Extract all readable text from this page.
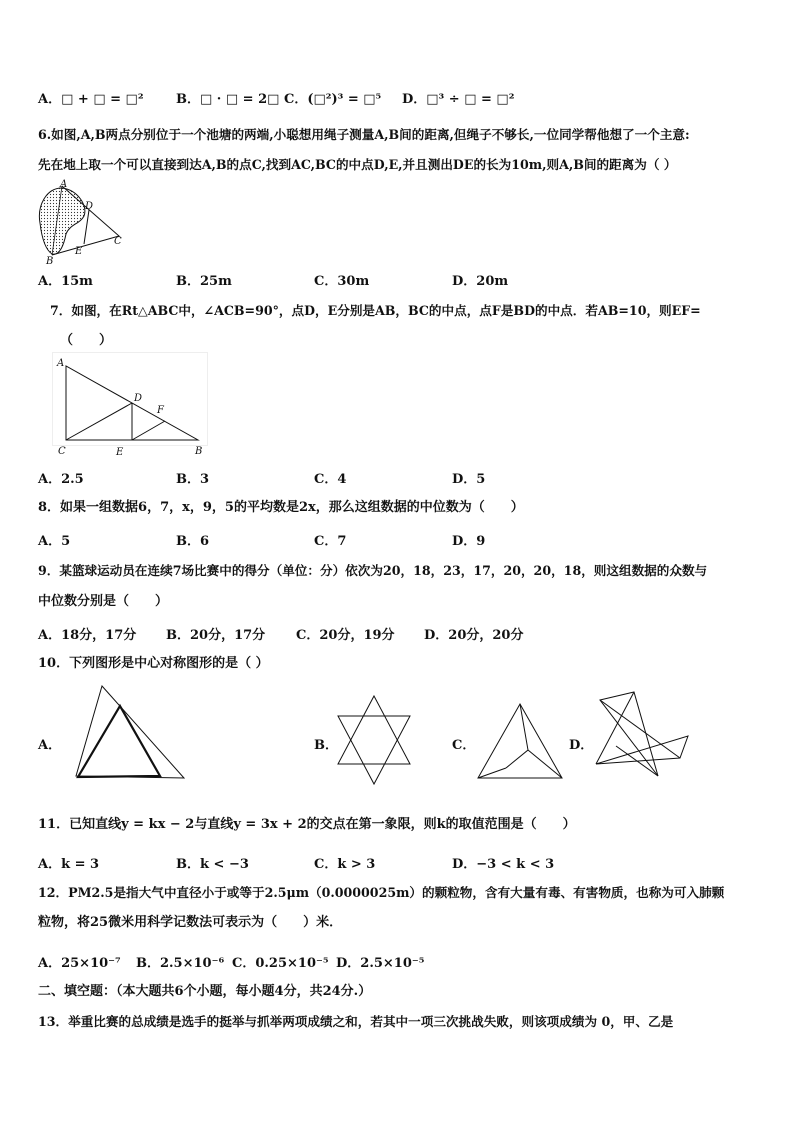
A．□ + □ = □² B．□ · □ = 2□ C．(□²)³ = □⁵ D．□³ ÷ □ = □²
6.如图,A,B两点分别位于一个池塘的两端,小聪想用绳子测量A,B间的距离,但绳子不够长,一位同学帮他想了一个主意:
先在地上取一个可以直接到达A,B的点C,找到AC,BC的中点D,E,并且测出DE的长为10m,则A,B间的距离为（ ）
A
B
C
D
E
A．15m	B．25m	C．30m	D．20m
7．如图，在Rt△ABC中，∠ACB=90°，点D，E分别是AB，BC的中点，点F是BD的中点．若AB=10，则EF=
（　　）
A
B
C
D
E
F
A．2.5	B．3	C．4	D．5
8．如果一组数据6，7，x，9，5的平均数是2x，那么这组数据的中位数为（　　）
A．5	B．6	C．7	D．9
9．某篮球运动员在连续7场比赛中的得分（单位：分）依次为20，18，23，17，20，20，18，则这组数据的众数与
中位数分别是（　　）
A．18分，17分 B．20分，17分 C．20分，19分 D．20分，20分
10．下列图形是中心对称图形的是（ ）
A．	B．	C．	D．
11．已知直线y = kx − 2与直线y = 3x + 2的交点在第一象限，则k的取值范围是（　　）
A．k = 3	B．k < −3	C．k > 3	D．−3 < k < 3
12．PM2.5是指大气中直径小于或等于2.5μm（0.0000025m）的颗粒物，含有大量有毒、有害物质，也称为可入肺颗
粒物，将25微米用科学记数法可表示为（　　）米．
A．25×10⁻⁷ B．2.5×10⁻⁶ C．0.25×10⁻⁵ D．2.5×10⁻⁵
二、填空题：（本大题共6个小题，每小题4分，共24分.）
13．举重比赛的总成绩是选手的挺举与抓举两项成绩之和，若其中一项三次挑战失败，则该项成绩为 0，甲、乙是
